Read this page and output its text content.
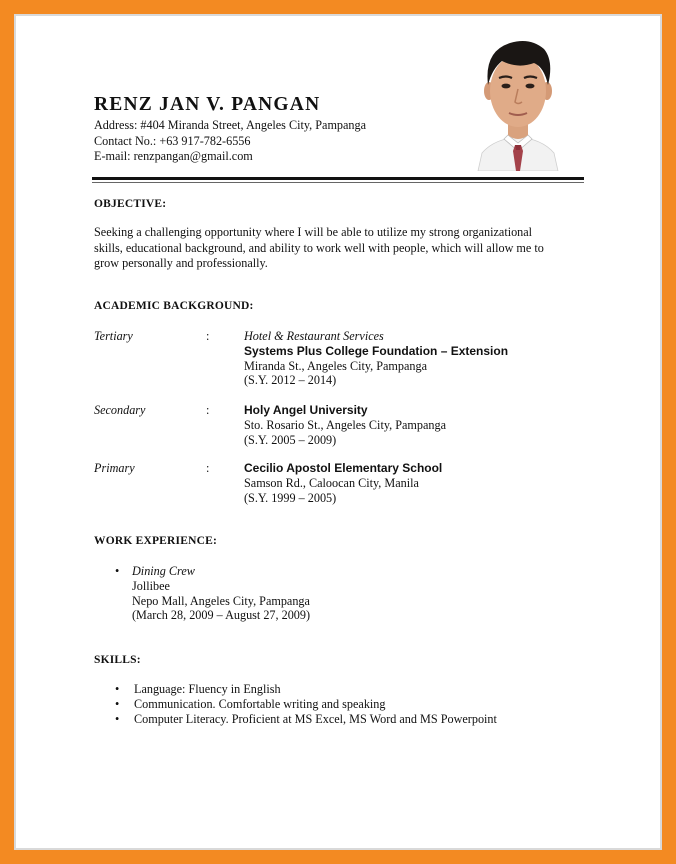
RENZ JAN V. PANGAN
Address: #404 Miranda Street, Angeles City, Pampanga
Contact No.: +63 917-782-6556
E-mail: renzpangan@gmail.com
OBJECTIVE:
Seeking a challenging opportunity where I will be able to utilize my strong organizational
skills, educational background, and ability to work well with people, which will allow me to
grow personally and professionally.
ACADEMIC BACKGROUND:
Tertiary	:	Hotel & Restaurant Services
Systems Plus College Foundation – Extension
Miranda St., Angeles City, Pampanga
(S.Y. 2012 – 2014)
Secondary	:	Holy Angel University
Sto. Rosario St., Angeles City, Pampanga
(S.Y. 2005 – 2009)
Primary	:	Cecilio Apostol Elementary School
Samson Rd., Caloocan City, Manila
(S.Y. 1999 – 2005)
WORK EXPERIENCE:
• Dining Crew
Jollibee
Nepo Mall, Angeles City, Pampanga
(March 28, 2009 – August 27, 2009)
SKILLS:
• Language: Fluency in English
• Communication. Comfortable writing and speaking
• Computer Literacy. Proficient at MS Excel, MS Word and MS Powerpoint
